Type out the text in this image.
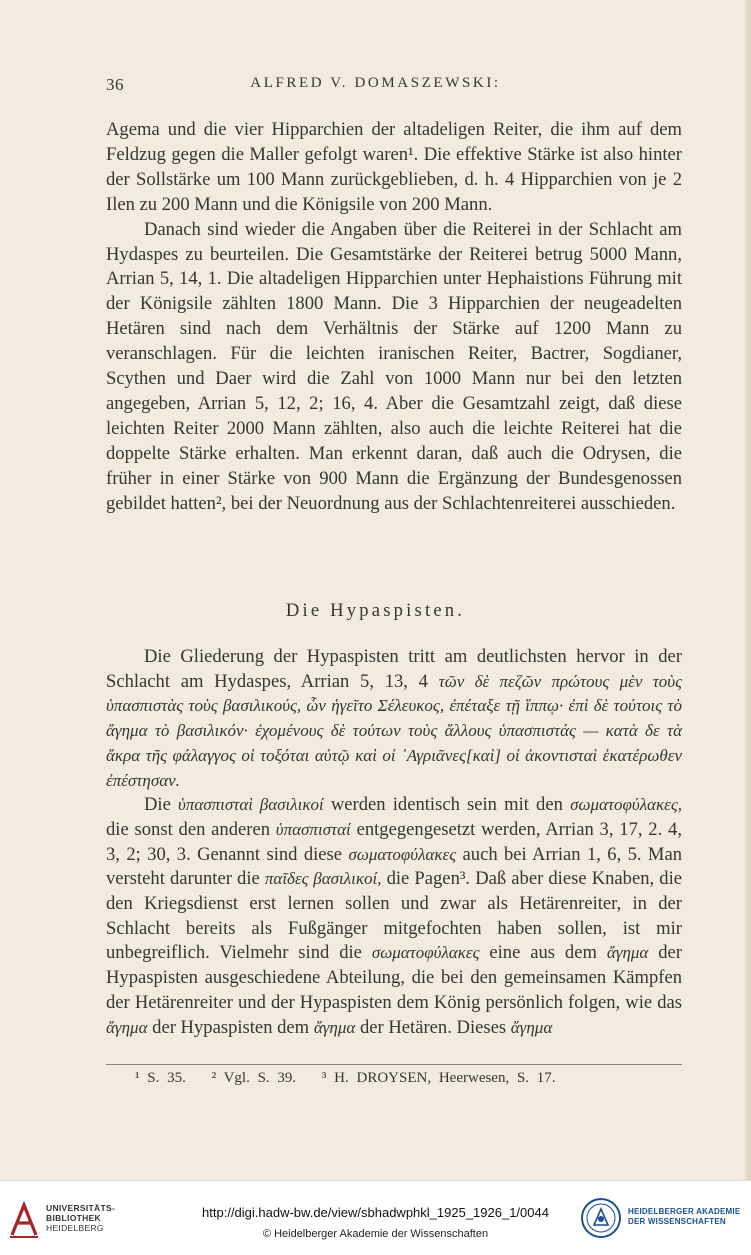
36	ALFRED V. DOMASZEWSKI:

Agema und die vier Hipparchien der altadeligen Reiter, die ihm auf dem Feldzug gegen die Maller gefolgt waren¹. Die effektive Stärke ist also hinter der Sollstärke um 100 Mann zurückgeblieben, d. h. 4 Hipparchien von je 2 Ilen zu 200 Mann und die Königsile von 200 Mann.

Danach sind wieder die Angaben über die Reiterei in der Schlacht am Hydaspes zu beurteilen. Die Gesamtstärke der Reiterei betrug 5000 Mann, Arrian 5, 14, 1. Die altadeligen Hipparchien unter Hephaistions Führung mit der Königsile zählten 1800 Mann. Die 3 Hipparchien der neugeadelten Hetären sind nach dem Verhältnis der Stärke auf 1200 Mann zu veranschlagen. Für die leichten iranischen Reiter, Bactrer, Sogdianer, Scythen und Daer wird die Zahl von 1000 Mann nur bei den letzten angegeben, Arrian 5, 12, 2; 16, 4. Aber die Gesamtzahl zeigt, daß diese leichten Reiter 2000 Mann zählten, also auch die leichte Reiterei hat die doppelte Stärke erhalten. Man erkennt daran, daß auch die Odrysen, die früher in einer Stärke von 900 Mann die Ergänzung der Bundesgenossen gebildet hatten², bei der Neuordnung aus der Schlachtenreiterei ausschieden.

Die Hypaspisten.

Die Gliederung der Hypaspisten tritt am deutlichsten hervor in der Schlacht am Hydaspes, Arrian 5, 13, 4 τῶν δὲ πεζῶν πρώτους μὲν τοὺς ὑπασπιστὰς τοὺς βασιλικούς, ὧν ἡγεῖτο Σέλευκος, ἐπέταξε τῇ ἵππῳ· ἐπὶ δὲ τούτοις τὸ ἄγημα τὸ βασιλικόν· ἐχομένους δὲ τούτων τοὺς ἄλλους ὑπασπιστάς — κατὰ δε τὰ ἄκρα τῆς φάλαγγος οἱ τοξόται αὐτῷ καὶ οἱ ᾿Αγριᾶνες[καὶ] οἱ ἀκοντισταὶ ἑκατέρωθεν ἐπέστησαν.

Die ὑπασπισταὶ βασιλικοί werden identisch sein mit den σωματοφύλακες, die sonst den anderen ὑπασπισταί entgegengesetzt werden, Arrian 3, 17, 2. 4, 3, 2; 30, 3. Genannt sind diese σωματοφύλακες auch bei Arrian 1, 6, 5. Man versteht darunter die παῖδες βασιλικοί, die Pagen³. Daß aber diese Knaben, die den Kriegsdienst erst lernen sollen und zwar als Hetärenreiter, in der Schlacht bereits als Fußgänger mitgefochten haben sollen, ist mir unbegreiflich. Vielmehr sind die σωματοφύλακες eine aus dem ἄγημα der Hypaspisten ausgeschiedene Abteilung, die bei den gemeinsamen Kämpfen der Hetärenreiter und der Hypaspisten dem König persönlich folgen, wie das ἄγημα der Hypaspisten dem ἄγημα der Hetären. Dieses ἄγημα

¹ S. 35. ² Vgl. S. 39. ³ H. DROYSEN, Heerwesen, S. 17.
UNIVERSITÄTS-
BIBLIOTHEK
HEIDELBERG
http://digi.hadw-bw.de/view/sbhadwphkl_1925_1926_1/0044
© Heidelberger Akademie der Wissenschaften
HEIDELBERGER AKADEMIE
DER WISSENSCHAFTEN
